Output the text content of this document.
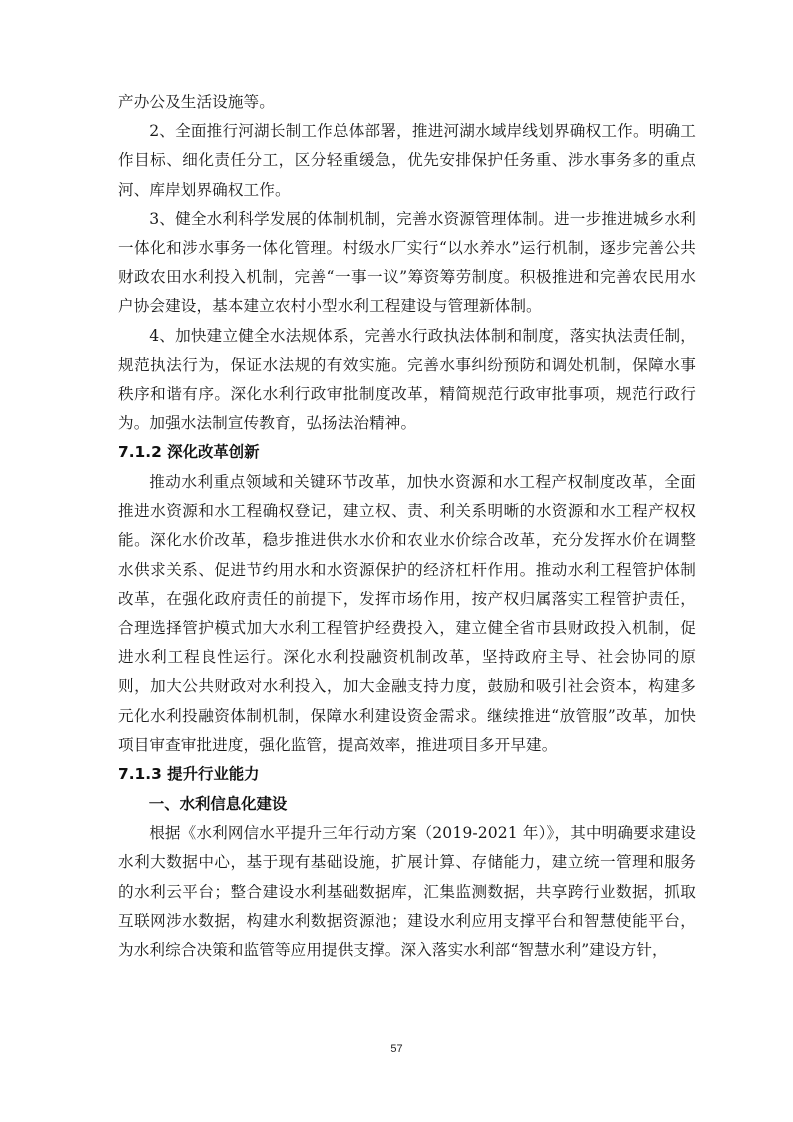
产办公及生活设施等。

2、全面推行河湖长制工作总体部署，推进河湖水域岸线划界确权工作。明确工作目标、细化责任分工，区分轻重缓急，优先安排保护任务重、涉水事务多的重点河、库岸划界确权工作。

3、健全水利科学发展的体制机制，完善水资源管理体制。进一步推进城乡水利一体化和涉水事务一体化管理。村级水厂实行“以水养水”运行机制，逐步完善公共财政农田水利投入机制，完善“一事一议”筹资筹劳制度。积极推进和完善农民用水户协会建设，基本建立农村小型水利工程建设与管理新体制。

4、加快建立健全水法规体系，完善水行政执法体制和制度，落实执法责任制，规范执法行为，保证水法规的有效实施。完善水事纠纷预防和调处机制，保障水事秩序和谐有序。深化水利行政审批制度改革，精简规范行政审批事项，规范行政行为。加强水法制宣传教育，弘扬法治精神。

7.1.2 深化改革创新

推动水利重点领域和关键环节改革，加快水资源和水工程产权制度改革，全面推进水资源和水工程确权登记，建立权、责、利关系明晰的水资源和水工程产权权能。深化水价改革，稳步推进供水水价和农业水价综合改革，充分发挥水价在调整水供求关系、促进节约用水和水资源保护的经济杠杆作用。推动水利工程管护体制改革，在强化政府责任的前提下，发挥市场作用，按产权归属落实工程管护责任，合理选择管护模式加大水利工程管护经费投入，建立健全省市县财政投入机制，促进水利工程良性运行。深化水利投融资机制改革，坚持政府主导、社会协同的原则，加大公共财政对水利投入，加大金融支持力度，鼓励和吸引社会资本，构建多元化水利投融资体制机制，保障水利建设资金需求。继续推进“放管服”改革，加快项目审查审批进度，强化监管，提高效率，推进项目多开早建。

7.1.3 提升行业能力
一、水利信息化建设

根据《水利网信水平提升三年行动方案（2019-2021 年）》，其中明确要求建设水利大数据中心，基于现有基础设施，扩展计算、存储能力，建立统一管理和服务的水利云平台；整合建设水利基础数据库，汇集监测数据，共享跨行业数据，抓取互联网涉水数据，构建水利数据资源池；建设水利应用支撑平台和智慧使能平台，为水利综合决策和监管等应用提供支撑。深入落实水利部“智慧水利”建设方针，

57
